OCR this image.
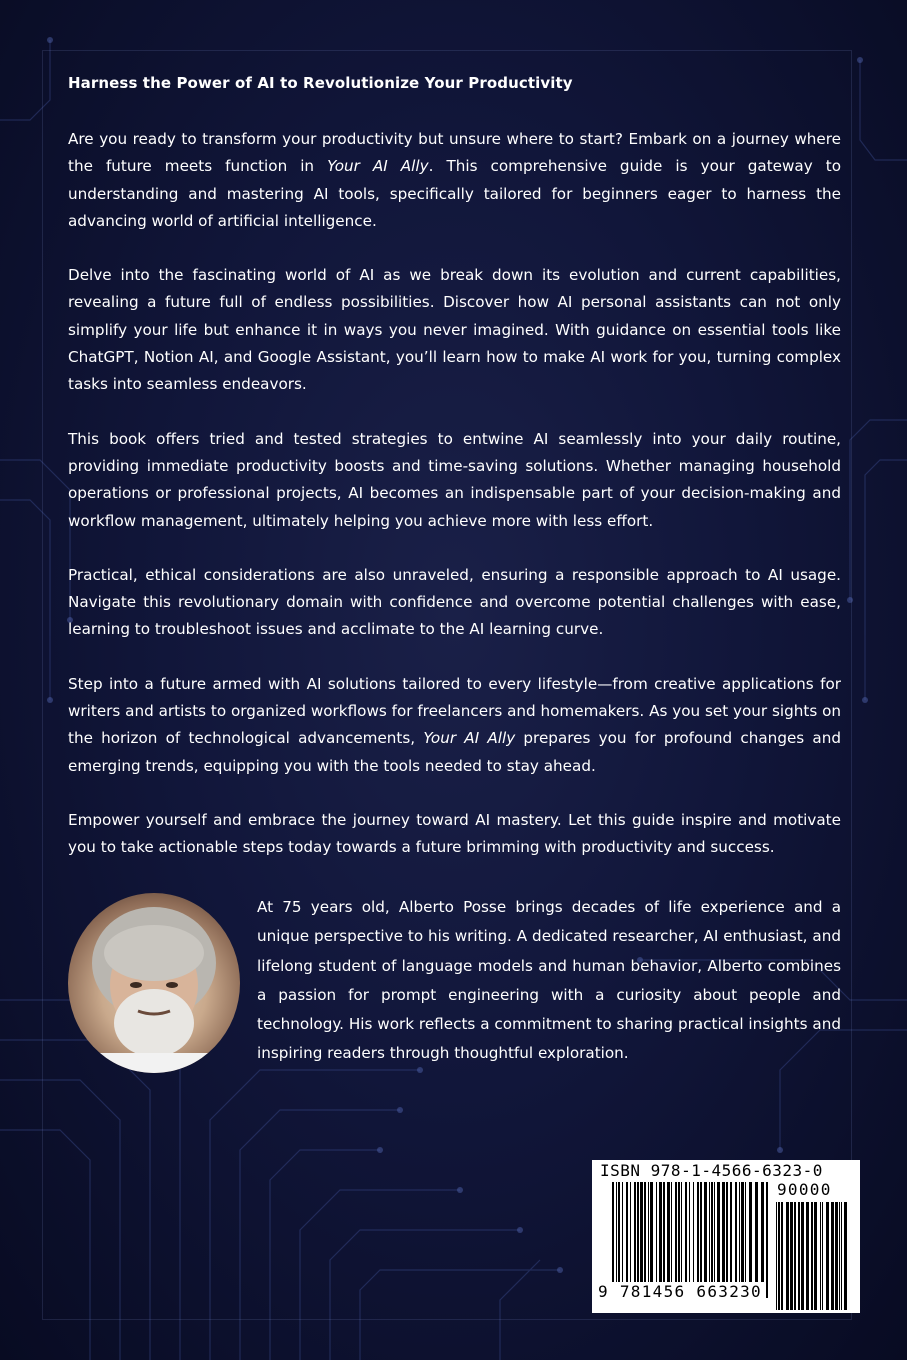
Harness the Power of AI to Revolutionize Your Productivity

Are you ready to transform your productivity but unsure where to start? Embark on a journey where the future meets function in Your AI Ally. This comprehensive guide is your gateway to understanding and mastering AI tools, specifically tailored for beginners eager to harness the advancing world of artificial intelligence.

Delve into the fascinating world of AI as we break down its evolution and current capabilities, revealing a future full of endless possibilities. Discover how AI personal assistants can not only simplify your life but enhance it in ways you never imagined. With guidance on essential tools like ChatGPT, Notion AI, and Google Assistant, you’ll learn how to make AI work for you, turning complex tasks into seamless endeavors.

This book offers tried and tested strategies to entwine AI seamlessly into your daily routine, providing immediate productivity boosts and time-saving solutions. Whether managing household operations or professional projects, AI becomes an indispensable part of your decision-making and workflow management, ultimately helping you achieve more with less effort.

Practical, ethical considerations are also unraveled, ensuring a responsible approach to AI usage. Navigate this revolutionary domain with confidence and overcome potential challenges with ease, learning to troubleshoot issues and acclimate to the AI learning curve.

Step into a future armed with AI solutions tailored to every lifestyle—from creative applications for writers and artists to organized workflows for freelancers and homemakers. As you set your sights on the horizon of technological advancements, Your AI Ally prepares you for profound changes and emerging trends, equipping you with the tools needed to stay ahead.

Empower yourself and embrace the journey toward AI mastery. Let this guide inspire and motivate you to take actionable steps today towards a future brimming with productivity and success.

At 75 years old, Alberto Posse brings decades of life experience and a unique perspective to his writing. A dedicated researcher, AI enthusiast, and lifelong student of language models and human behavior, Alberto combines a passion for prompt engineering with a curiosity about people and technology. His work reflects a commitment to sharing practical insights and inspiring readers through thoughtful exploration.

ISBN 978-1-4566-6323-0
90000
9 781456 663230
